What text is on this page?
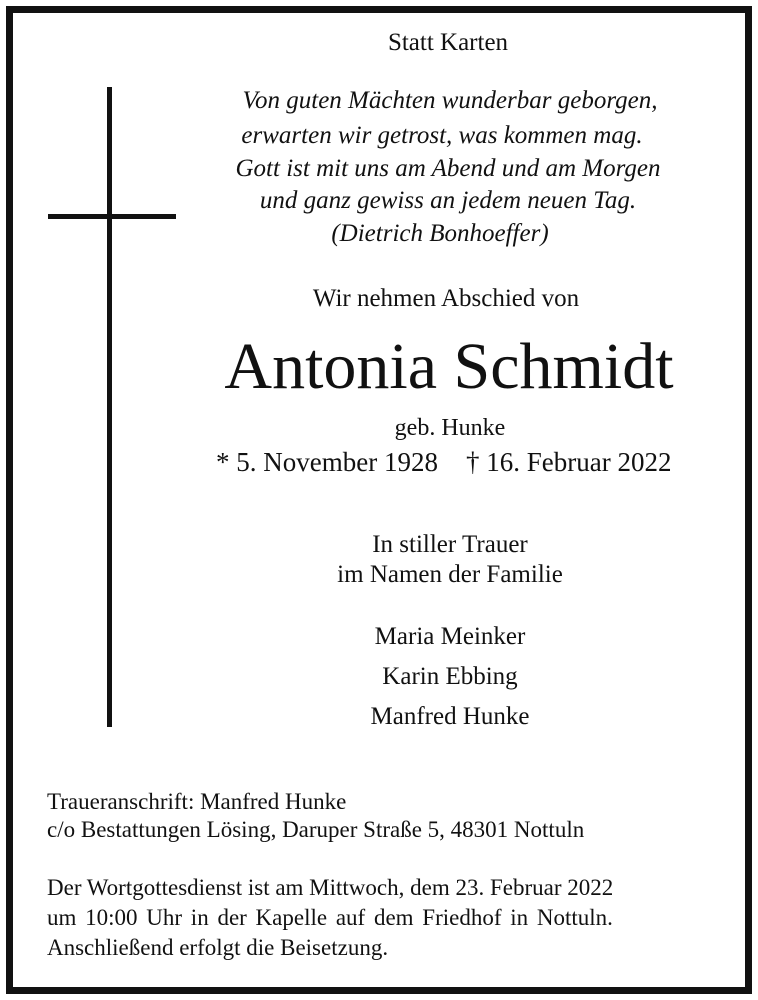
Statt Karten
Von guten Mächten wunderbar geborgen,
erwarten wir getrost, was kommen mag.
Gott ist mit uns am Abend und am Morgen
und ganz gewiss an jedem neuen Tag.
(Dietrich Bonhoeffer)
Wir nehmen Abschied von
Antonia Schmidt
geb. Hunke
* 5. November 1928 † 16. Februar 2022
In stiller Trauer
im Namen der Familie
Maria Meinker
Karin Ebbing
Manfred Hunke
Traueranschrift: Manfred Hunke
c/o Bestattungen Lösing, Daruper Straße 5, 48301 Nottuln
Der Wortgottesdienst ist am Mittwoch, dem 23. Februar 2022
um 10:00 Uhr in der Kapelle auf dem Friedhof in Nottuln.
Anschließend erfolgt die Beisetzung.
